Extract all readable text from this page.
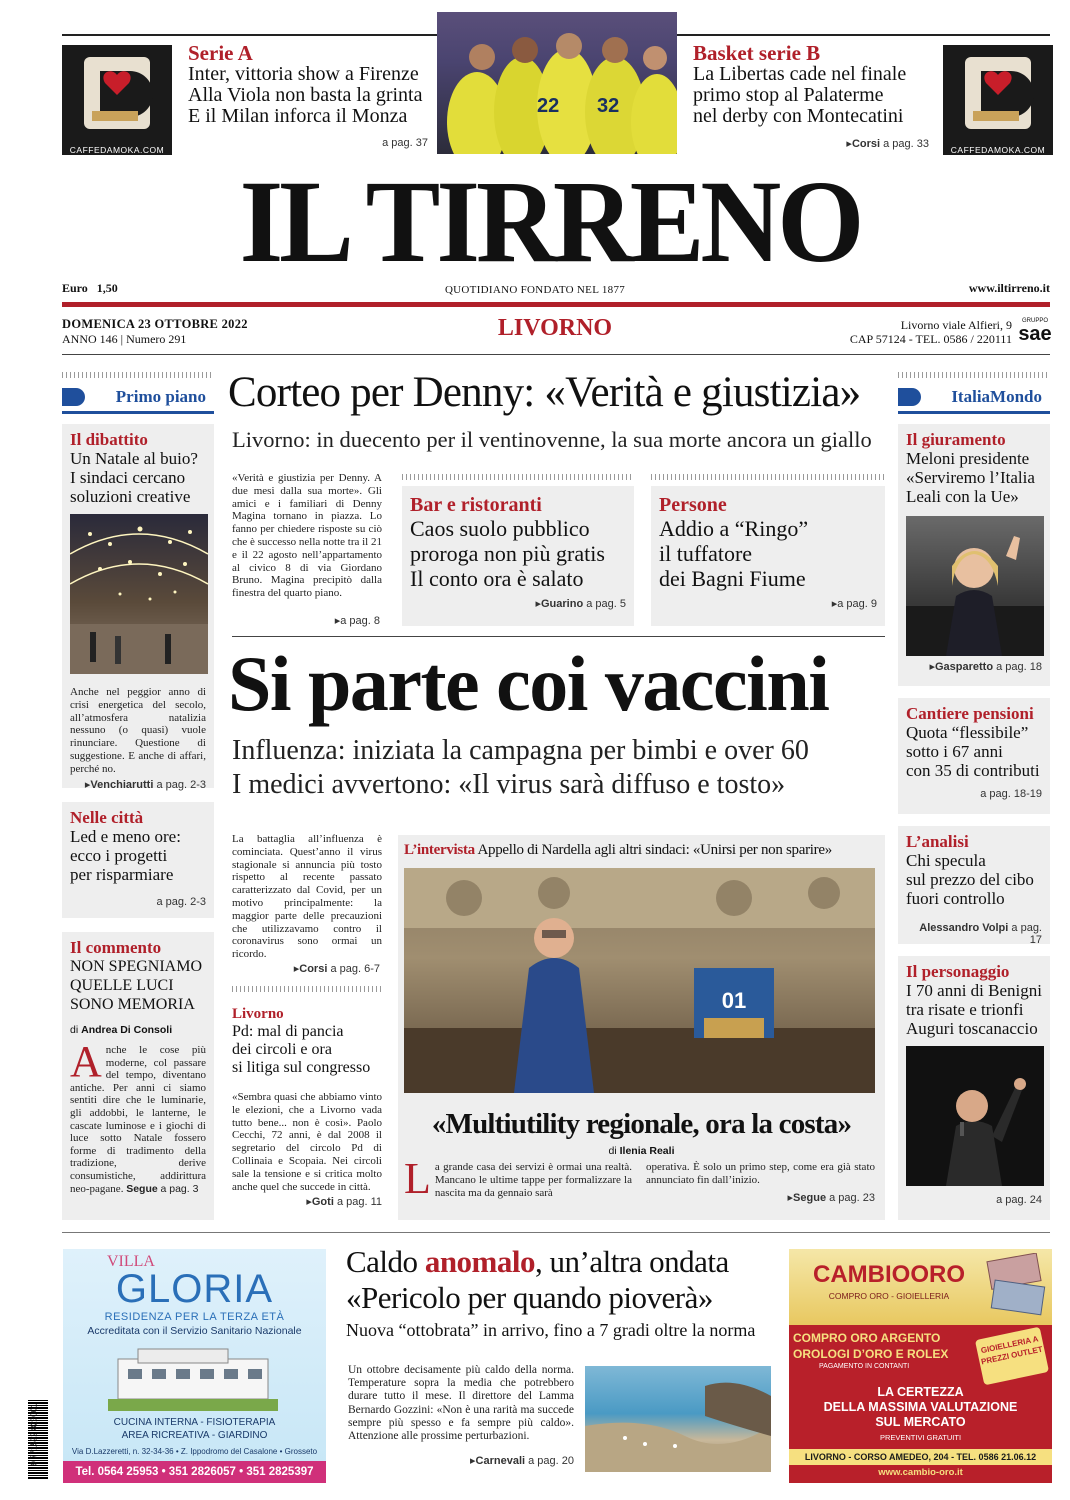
CAFFEDAMOKA.COM
Serie A
Inter, vittoria show a Firenze
Alla Viola non basta la grinta
E il Milan inforca il Monza
a pag. 37
22 32
Basket serie B
La Libertas cade nel finale
primo stop al Palaterme
nel derby con Montecatini
▸Corsi a pag. 33	CAFFEDAMOKA.COM
IL TIRRENO
Euro 1,50	QUOTIDIANO FONDATO NEL 1877	www.iltirreno.it
DOMENICA 23 OTTOBRE 2022
ANNO 146 | Numero 291	LIVORNO	Livorno viale Alfieri, 9
CAP 57124 - TEL. 0586 / 220111
GRUPPO
sae
Primo piano
Il dibattito
Un Natale al buio?
I sindaci cercano
soluzioni creative
Anche nel peggior anno di crisi energetica del secolo, all’atmosfera natalizia nessuno (o quasi) vuole rinunciare. Questione di suggestione. E anche di affari, perché no.
▸Venchiarutti a pag. 2-3
Nelle città
Led e meno ore:
ecco i progetti
per risparmiare
a pag. 2-3
Il commento
NON SPEGNIAMO
QUELLE LUCI
SONO MEMORIA
di Andrea Di Consoli
Anche le cose più moderne, col passare del tempo, diventano antiche. Per anni ci siamo sentiti dire che le luminarie, gli addobbi, le lanterne, le cascate luminose e i giochi di luce sotto Natale fossero forme di tradimento della tradizione, derive consumistiche, addirittura neo-pagane. Segue a pag. 3
Corteo per Denny: «Verità e giustizia»
Livorno: in duecento per il ventinovenne, la sua morte ancora un giallo
«Verità e giustizia per Denny. A due mesi dalla sua morte». Gli amici e i familiari di Denny Magina tornano in piazza. Lo fanno per chiedere risposte su ciò che è successo nella notte tra il 21 e il 22 agosto nell’appartamento al civico 8 di via Giordano Bruno. Magina precipitò dalla finestra del quarto piano.
▸a pag. 8
Bar e ristoranti
Caos suolo pubblico
proroga non più gratis
Il conto ora è salato
▸Guarino a pag. 5
Persone
Addio a “Ringo”
il tuffatore
dei Bagni Fiume
▸a pag. 9
Si parte coi vaccini
Influenza: iniziata la campagna per bimbi e over 60
I medici avvertono: «Il virus sarà diffuso e tosto»
La battaglia all’influenza è cominciata. Quest’anno il virus stagionale si annuncia più tosto rispetto al recente passato caratterizzato dal Covid, per un motivo principalmente: la maggior parte delle precauzioni che utilizzavamo contro il coronavirus sono ormai un ricordo.
▸Corsi a pag. 6-7
Livorno
Pd: mal di pancia
dei circoli e ora
si litiga sul congresso
«Sembra quasi che abbiamo vinto le elezioni, che a Livorno vada tutto bene... non è così». Paolo Cecchi, 72 anni, è dal 2008 il segretario del circolo Pd di Collinaia e Scopaia. Nei circoli sale la tensione e si critica molto anche quel che succede in città.
▸Goti a pag. 11
L’intervista Appello di Nardella agli altri sindaci: «Unirsi per non sparire»
01
«Multiutility regionale, ora la costa»
di Ilenia Reali
La grande casa dei servizi è ormai una realtà. Mancano le ultime tappe per formalizzare la nascita ma da gennaio sarà
operativa. È solo un primo step, come era già stato annunciato fin dall’inizio.
▸Segue a pag. 23
ItaliaMondo
Il giuramento
Meloni presidente
«Serviremo l’Italia
Leali con la Ue»
▸Gasparetto a pag. 18
Cantiere pensioni
Quota “flessibile”
sotto i 67 anni
con 35 di contributi
a pag. 18-19
L’analisi
Chi specula
sul prezzo del cibo
fuori controllo
Alessandro Volpi a pag. 17
Il personaggio
I 70 anni di Benigni
tra risate e trionfi
Auguri toscanaccio
a pag. 24
VILLA
GLORIA
RESIDENZA PER LA TERZA ETÀ
Accreditata con il Servizio Sanitario Nazionale
CUCINA INTERNA - FISIOTERAPIA
AREA RICREATIVA - GIARDINO
Via D.Lazzeretti, n. 32-34-36 • Z. Ippodromo del Casalone • Grosseto
Tel. 0564 25953 • 351 2826057 • 351 2825397
9 771592 823001
Caldo anomalo, un’altra ondata
«Pericolo per quando pioverà»
Nuova “ottobrata” in arrivo, fino a 7 gradi oltre la norma
Un ottobre decisamente più caldo della norma. Temperature sopra la media che potrebbero durare tutto il mese. Il direttore del Lamma Bernardo Gozzini: «Non è una rarità ma succede sempre più spesso e fa sempre più caldo». Attenzione alle prossime perturbazioni.
▸Carnevali a pag. 20
CAMBIOORO
COMPRO ORO - GIOIELLERIA
COMPRO ORO ARGENTO
OROLOGI D’ORO E ROLEX
PAGAMENTO IN CONTANTI
GIOIELLERIA A PREZZI OUTLET
LA CERTEZZA
DELLA MASSIMA VALUTAZIONE
SUL MERCATO
PREVENTIVI GRATUITI
LIVORNO - CORSO AMEDEO, 204 - TEL. 0586 21.06.12
www.cambio-oro.it
